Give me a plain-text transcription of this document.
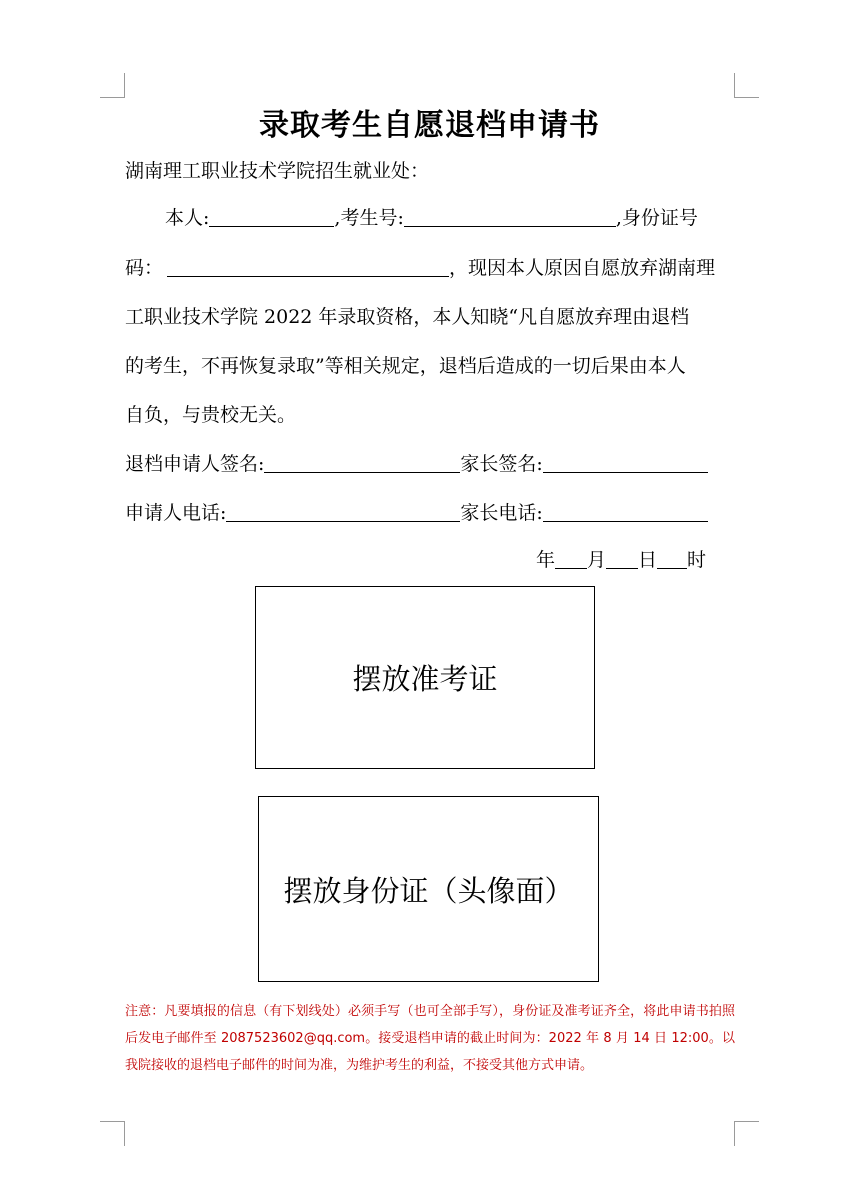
录取考生自愿退档申请书
湖南理工职业技术学院招生就业处：
本人:	,考生号:	,身份证号
码：	，现因本人原因自愿放弃湖南理
工职业技术学院 2022 年录取资格，本人知晓“凡自愿放弃理由退档
的考生，不再恢复录取”等相关规定，退档后造成的一切后果由本人
自负，与贵校无关。
退档申请人签名:	家长签名:
申请人电话:	家长电话:
年 月 日 时
摆放准考证
摆放身份证（头像面）
注意：凡要填报的信息（有下划线处）必须手写（也可全部手写），身份证及准考证齐全，将此申请书拍照后发电子邮件至 2087523602@qq.com。接受退档申请的截止时间为：2022 年 8 月 14 日 12:00。以我院接收的退档电子邮件的时间为准，为维护考生的利益，不接受其他方式申请。
